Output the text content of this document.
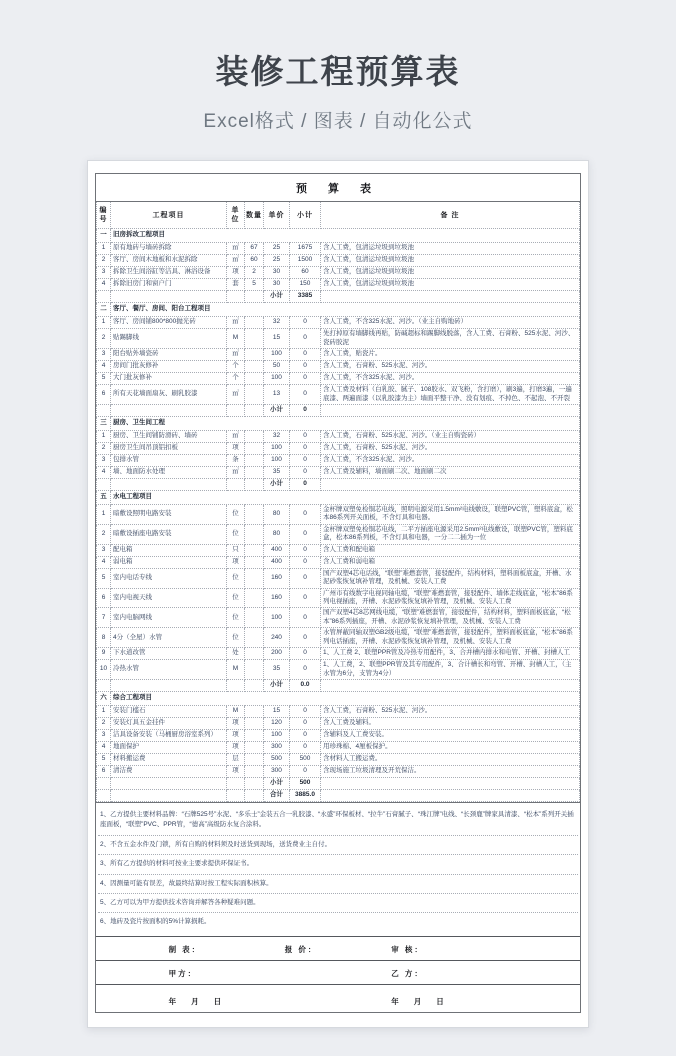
装修工程预算表
Excel格式 / 图表 / 自动化公式
预 算 表
编号	工程项目	单位	数量	单价	小计	备 注
一	旧房拆改工程项目					
1	原有地砖与墙砖拆除	㎡	67	25	1675	含人工费，包清运垃圾到垃圾池
2	客厅、房间木地板和水泥拆除	㎡	60	25	1500	含人工费，包清运垃圾到垃圾池
3	拆除卫生间浴缸等洁具、淋浴设备	项	2	30	60	含人工费，包清运垃圾到垃圾池
4	拆除旧房门和窗户门	套	5	30	150	含人工费，包清运垃圾到垃圾池
				小计	3385	
二	客厅、餐厅、房间、阳台工程项目					
1	客厅、房间铺800*800抛光砖	㎡		32	0	含人工费，不含325水泥、河沙。（业主自购地砖）
2	贴踢脚线	M		15	0	先打掉原有墙脚线再贴，防碱超标和踢脚线脱落，含人工费、石膏粉、525水泥、河沙、瓷砖胶泥
3	阳台贴外墙瓷砖	㎡		100	0	含人工费，贴瓷片。
4	房间门批灰修补	个		50	0	含人工费，石膏粉、525水泥、河沙。
5	大门批灰修补	个		100	0	含人工费，不含325水泥、河沙。
6	所有天花墙面扇灰、刷乳胶漆	㎡		13	0	含人工费及材料（白乳胶、腻子、108胶水、双飞粉，含打磨），刷3遍，打磨3遍，一遍底漆、两遍面漆（以乳胶漆为主）墙面平整干净、没有划痕、不掉色、不起泡、不开裂
				小计	0	
三	厨房、卫生间工程					
1	厨房、卫生间铺防滑砖、墙砖	㎡		32	0	含人工费，石膏粉、525水泥、河沙。（业主自购瓷砖）
2	厨房卫生间吊顶铝扣板	项		100	0	含人工费，石膏粉、525水泥、河沙。
3	包排水管	条		100	0	含人工费，不含325水泥、河沙。
4	墙、地面防水处理	㎡		35	0	含人工费及辅料，墙面刷二次、地面刷二次
				小计	0	
五	水电工程项目					
1	暗敷设照明电路安装	位		80	0	金杯牌双塑免检铜芯电线，照明电源采用1.5mm²电线敷设，联塑PVC管，塑料底盒，松本86系列开关面板，不含灯具和电器。
2	暗敷设插座电路安装	位		80	0	金杯牌双塑免检铜芯电线，二平方插座电源采用2.5mm²电线敷设，联塑PVC管，塑料底盒，松本86系列板，不含灯具和电器，一分二二插为一位
3	配电箱	只		400	0	含人工费和配电箱
4	弱电箱	项		400	0	含人工费和弱电箱
5	室内电话专线	位		160	0	国产双塑4芯电话线，“联塑”难燃套管，接驳配件，结构材料，塑料面板底盒，开槽、水泥砂浆恢复填补管理，及机械、安装人工费
6	室内电视天线	位		160	0	广州市有线数字电视同轴电缆，“联塑”难燃套管，接驳配件、墙体走线底盒，“松本”86系列电视插座，开槽、水泥砂浆恢复填补管理，及机械、安装人工费
7	室内电脑网线	位		100	0	国产双塑4芯8芯网线电缆，“联塑”难燃套管，接驳配件，结构材料，塑料面板底盒，“松本”86系列插座，开槽、水泥砂浆恢复填补管理，及机械、安装人工费
8	4分（全屋）水管	位		240	0	水管屏蔽同轴双塑GB2级电缆，“联塑”难燃套管，接驳配件，塑料面板底盒，“松本”86系列电话插座，开槽、水泥砂浆恢复填补管理，及机械、安装人工费
9	下水道改管	处		200	0	1、人工费 2、联塑PPR管及冷热专用配件，3、合并槽内排水和电管、开槽、封槽人工
10	冷热水管	M		35	0	1、人工费，2、联塑PPR管及其专用配件，3、合计槽长和弯管、开槽、封槽人工，（主水管为6分，支管为4分）
				小计	0.0	
六	综合工程项目					
1	安装门槛石	M		15	0	含人工费，石膏粉、525水泥、河沙。
2	安装灯具五金挂件	项		120	0	含人工费及辅料。
3	洁具设备安装（马桶厨房浴室系列）	项		100	0	含辅料及人工费安装。
4	地面保护	项		300	0	用珍珠棉、4厘板保护。
5	材料搬运费	层		500	500	含材料人工搬运费。
6	清洁费	项		300	0	含现场施工垃圾清理及开荒保洁。
				小计	500	
				合计	3885.0	
1、乙方提供主要材料品牌：“石牌525号”水泥、“多乐士”金装五合一乳胶漆、“永盛”环保板材、“拉牛”石膏腻子、“珠江牌”电线、“长颈鹿”牌家具清漆、“松本”系列开关插座面板，“联塑”PVC、PPR管，“德高”高级防水复合涂料。
2、不含五金水件及门锁，所有自购的材料须及时送货到现场，送货费业主自付。
3、所有乙方提供的材料可按业主要求提供环保证书。
4、因测量可能有误差，故最终结算时按工程实际面积核算。
5、乙方可以为甲方提供技术咨询并解答各种疑难问题。
6、地砖及瓷片按面积的5%计算损耗。
制 表：	报 价：	审 核：
甲方：	乙 方：
年　　月　　日	年　　月　　日
